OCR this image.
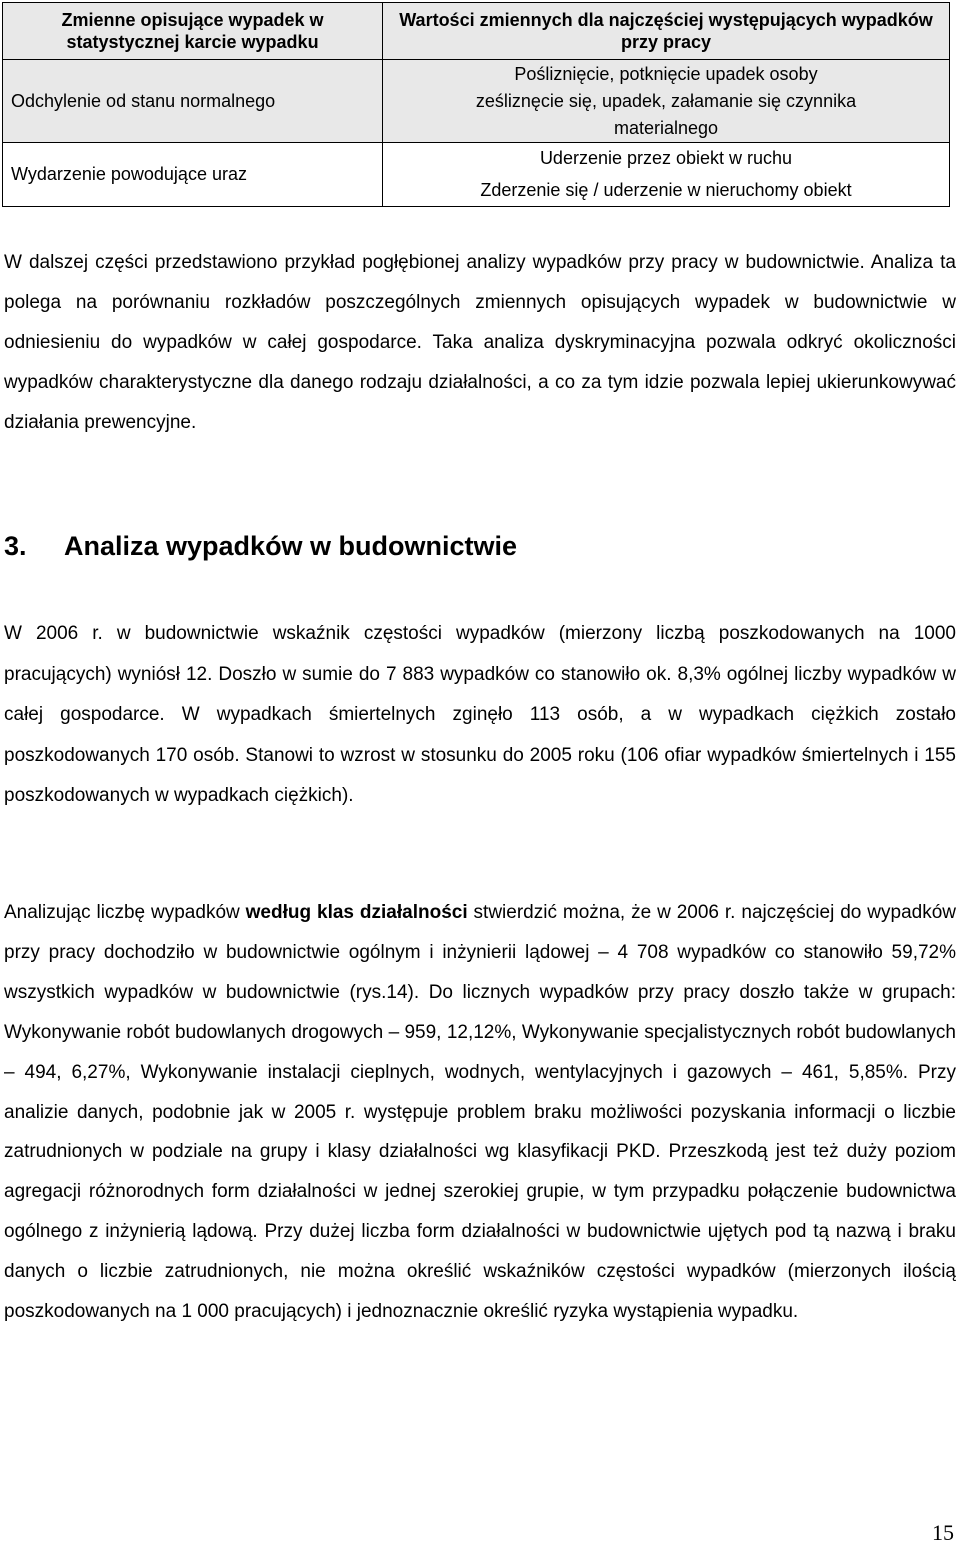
Zmienne opisujące wypadek w statystycznej karcie wypadku
Odchylenie od stanu normalnego
Wydarzenie powodujące uraz
Wartości zmiennych dla najczęściej występujących wypadków przy pracy
Pośliznięcie, potknięcie upadek osoby
ześliznęcie się, upadek, załamanie się czynnika
materialnego
Uderzenie przez obiekt w ruchu
Zderzenie się / uderzenie w nieruchomy obiekt

W dalszej części przedstawiono przykład pogłębionej analizy wypadków przy pracy w budownictwie. Analiza ta polega na porównaniu rozkładów poszczególnych zmiennych opisujących wypadek w budownictwie w odniesieniu do wypadków w całej gospodarce. Taka analiza dyskryminacyjna pozwala odkryć okoliczności wypadków charakterystyczne dla danego rodzaju działalności, a co za tym idzie pozwala lepiej ukierunkowywać działania prewencyjne.

3. Analiza wypadków w budownictwie

W 2006 r. w budownictwie wskaźnik częstości wypadków (mierzony liczbą poszkodowanych na 1000 pracujących) wyniósł 12. Doszło w sumie do 7 883 wypadków co stanowiło ok. 8,3% ogólnej liczby wypadków w całej gospodarce. W wypadkach śmiertelnych zginęło 113 osób, a w wypadkach ciężkich zostało poszkodowanych 170 osób. Stanowi to wzrost w stosunku do 2005 roku (106 ofiar wypadków śmiertelnych i 155 poszkodowanych w wypadkach ciężkich).

Analizując liczbę wypadków według klas działalności stwierdzić można, że w 2006 r. najczęściej do wypadków przy pracy dochodziło w budownictwie ogólnym i inżynierii lądowej – 4 708 wypadków co stanowiło 59,72% wszystkich wypadków w budownictwie (rys.14). Do licznych wypadków przy pracy doszło także w grupach: Wykonywanie robót budowlanych drogowych – 959, 12,12%, Wykonywanie specjalistycznych robót budowlanych – 494, 6,27%, Wykonywanie instalacji cieplnych, wodnych, wentylacyjnych i gazowych – 461, 5,85%. Przy analizie danych, podobnie jak w 2005 r. występuje problem braku możliwości pozyskania informacji o liczbie zatrudnionych w podziale na grupy i klasy działalności wg klasyfikacji PKD. Przeszkodą jest też duży poziom agregacji różnorodnych form działalności w jednej szerokiej grupie, w tym przypadku połączenie budownictwa ogólnego z inżynierią lądową. Przy dużej liczba form działalności w budownictwie ujętych pod tą nazwą i braku danych o liczbie zatrudnionych, nie można określić wskaźników częstości wypadków (mierzonych ilością poszkodowanych na 1 000 pracujących) i jednoznacznie określić ryzyka wystąpienia wypadku.

15
